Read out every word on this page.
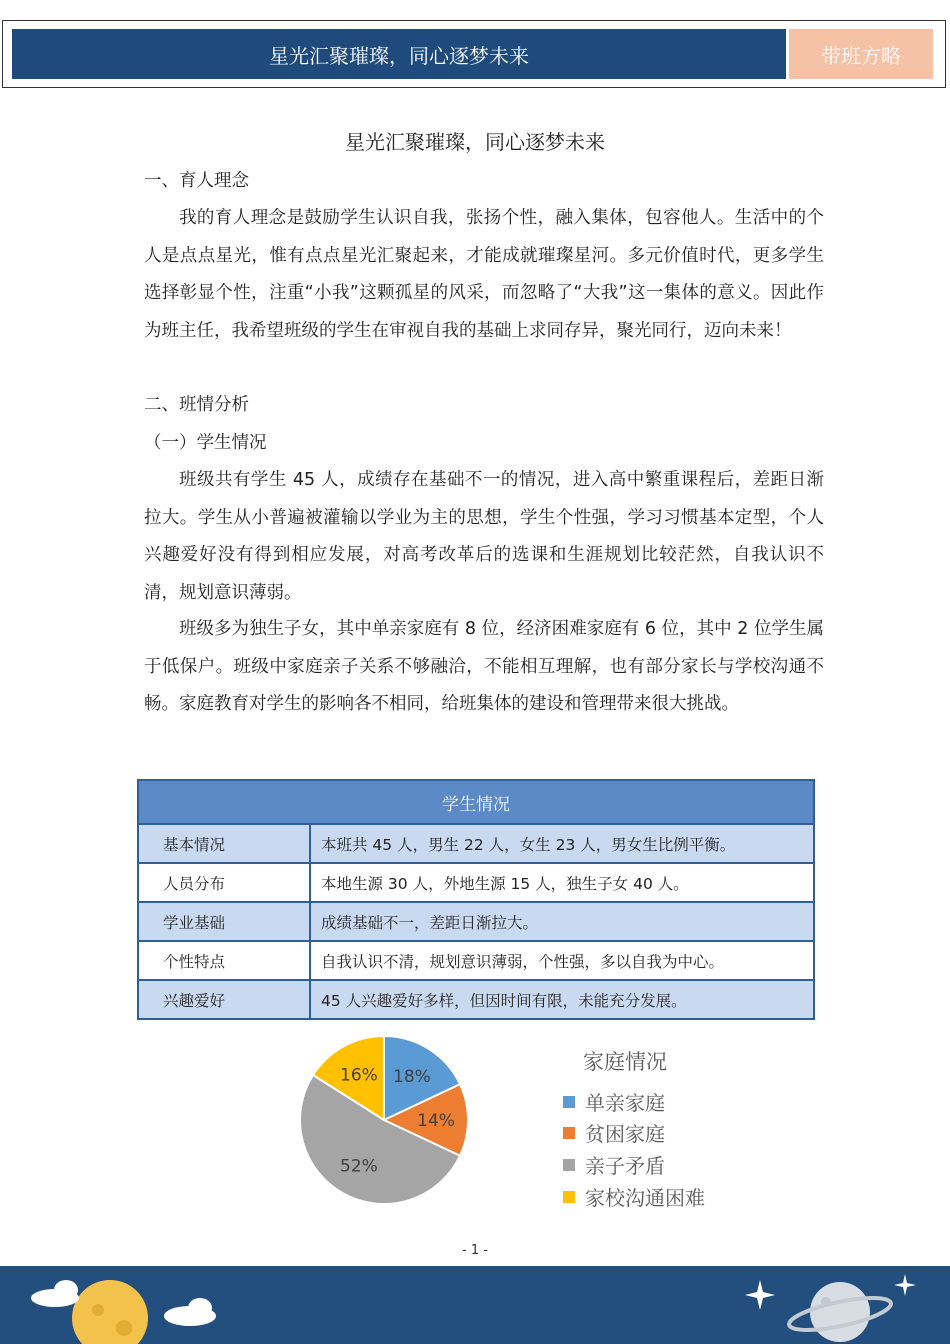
星光汇聚璀璨，同心逐梦未来	带班方略
星光汇聚璀璨，同心逐梦未来
一、育人理念

我的育人理念是鼓励学生认识自我，张扬个性，融入集体，包容他人。生活中的个人是点点星光，惟有点点星光汇聚起来，才能成就璀璨星河。多元价值时代，更多学生选择彰显个性，注重“小我”这颗孤星的风采，而忽略了“大我”这一集体的意义。因此作为班主任，我希望班级的学生在审视自我的基础上求同存异，聚光同行，迈向未来！

二、班情分析
（一）学生情况

班级共有学生 45 人，成绩存在基础不一的情况，进入高中繁重课程后，差距日渐拉大。学生从小普遍被灌输以学业为主的思想，学生个性强，学习习惯基本定型，个人兴趣爱好没有得到相应发展，对高考改革后的选课和生涯规划比较茫然，自我认识不清，规划意识薄弱。

班级多为独生子女，其中单亲家庭有 8 位，经济困难家庭有 6 位，其中 2 位学生属于低保户。班级中家庭亲子关系不够融洽，不能相互理解，也有部分家长与学校沟通不畅。家庭教育对学生的影响各不相同，给班集体的建设和管理带来很大挑战。

学生情况	
基本情况	本班共 45 人，男生 22 人，女生 23 人，男女生比例平衡。
人员分布	本地生源 30 人，外地生源 15 人，独生子女 40 人。
学业基础	成绩基础不一，差距日渐拉大。
个性特点	自我认识不清，规划意识薄弱，个性强，多以自我为中心。
兴趣爱好	45 人兴趣爱好多样，但因时间有限，未能充分发展。
18%
14%
52%
16%
家庭情况
单亲家庭
贫困家庭
亲子矛盾
家校沟通困难
- 1 -
